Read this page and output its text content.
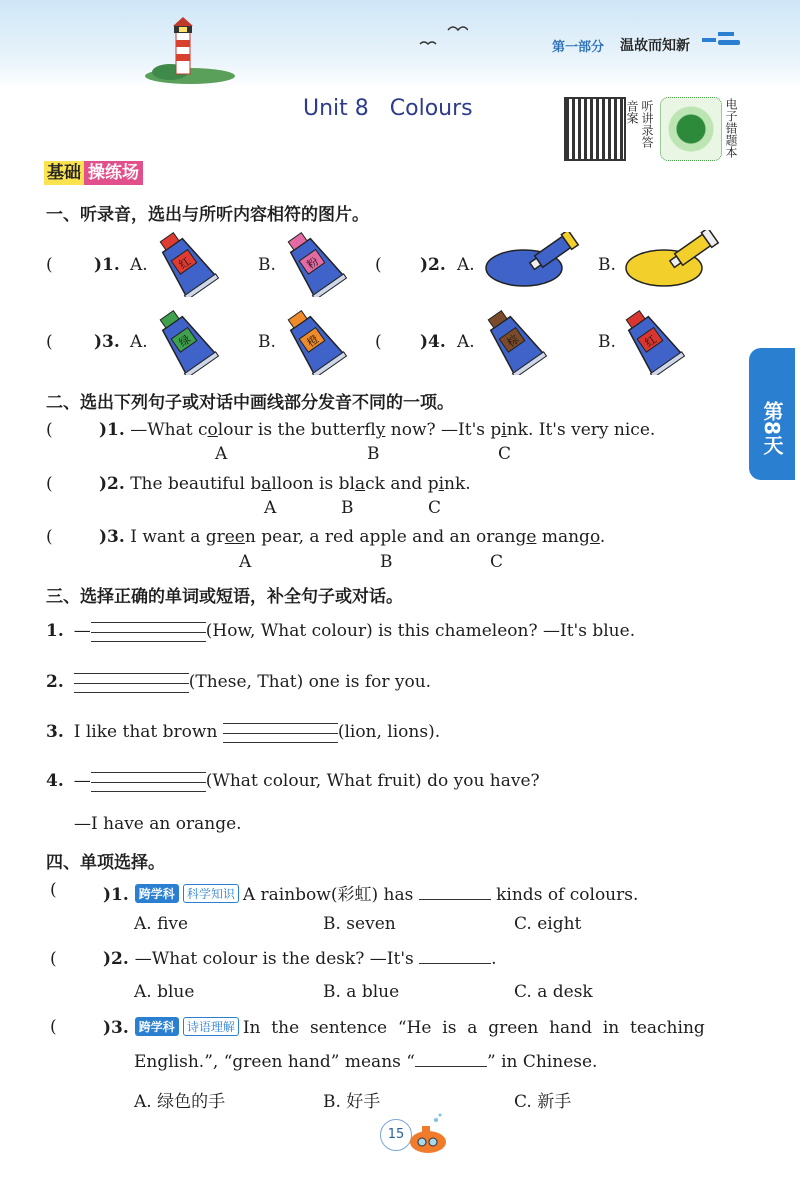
第一部分 温故而知新
Unit 8   Colours	听讲录答音案	电子错题本
第8天
基础 操练场
一、听录音，选出与所听内容相符的图片。
( )1. A.	B.	( )2. A.	B.
( )3. A.	B.	( )4. A.	B.
红	粉
绿	橙	棕	红
二、选出下列句子或对话中画线部分发音不同的一项。
(	)1. —What colour is the butterfly now? —It's pink. It's very nice.
A	B	C
(	)2. The beautiful balloon is black and pink.
A	B	C
(	)3. I want a green pear, a red apple and an orange mango.
A	B	C
三、选择正确的单词或短语，补全句子或对话。
1. —	(How, What colour) is this chameleon? —It's blue.
2.	(These, That) one is for you.
3. I like that brown	(lion, lions).
4. —	(What colour, What fruit) do you have?
—I have an orange.
四、单项选择。
(	)1. 跨学科 科学知识 A rainbow(彩虹) has	kinds of colours.
A. five	B. seven	C. eight
(	)2. —What colour is the desk? —It's	.
A. blue	B. a blue	C. a desk
(	)3. 跨学科 诗语理解 In  the  sentence  “He  is  a  green  hand  in  teaching
English.”, “green hand” means “	” in Chinese.
A. 绿色的手	B. 好手	C. 新手
15
